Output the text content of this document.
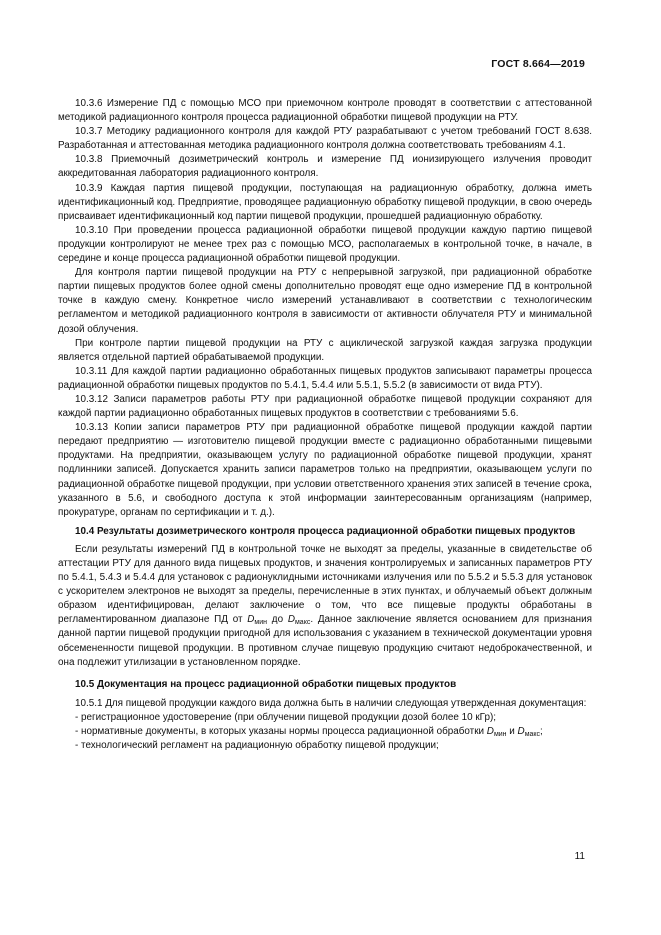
ГОСТ 8.664—2019

10.3.6 Измерение ПД с помощью МСО при приемочном контроле проводят в соответствии с аттестованной методикой радиационного контроля процесса радиационной обработки пищевой продукции на РТУ.

10.3.7 Методику радиационного контроля для каждой РТУ разрабатывают с учетом требований ГОСТ 8.638. Разработанная и аттестованная методика радиационного контроля должна соответствовать требованиям 4.1.

10.3.8 Приемочный дозиметрический контроль и измерение ПД ионизирующего излучения проводит аккредитованная лаборатория радиационного контроля.

10.3.9 Каждая партия пищевой продукции, поступающая на радиационную обработку, должна иметь идентификационный код. Предприятие, проводящее радиационную обработку пищевой продукции, в свою очередь присваивает идентификационный код партии пищевой продукции, прошедшей радиационную обработку.

10.3.10 При проведении процесса радиационной обработки пищевой продукции каждую партию пищевой продукции контролируют не менее трех раз с помощью МСО, располагаемых в контрольной точке, в начале, в середине и конце процесса радиационной обработки пищевой продукции.

Для контроля партии пищевой продукции на РТУ с непрерывной загрузкой, при радиационной обработке партии пищевых продуктов более одной смены дополнительно проводят еще одно измерение ПД в контрольной точке в каждую смену. Конкретное число измерений устанавливают в соответствии с технологическим регламентом и методикой радиационного контроля в зависимости от активности облучателя РТУ и минимальной дозой облучения.

При контроле партии пищевой продукции на РТУ с ациклической загрузкой каждая загрузка продукции является отдельной партией обрабатываемой продукции.

10.3.11 Для каждой партии радиационно обработанных пищевых продуктов записывают параметры процесса радиационной обработки пищевых продуктов по 5.4.1, 5.4.4 или 5.5.1, 5.5.2 (в зависимости от вида РТУ).

10.3.12 Записи параметров работы РТУ при радиационной обработке пищевой продукции сохраняют для каждой партии радиационно обработанных пищевых продуктов в соответствии с требованиями 5.6.

10.3.13 Копии записи параметров РТУ при радиационной обработке пищевой продукции каждой партии передают предприятию — изготовителю пищевой продукции вместе с радиационно обработанными пищевыми продуктами. На предприятии, оказывающем услугу по радиационной обработке пищевой продукции, хранят подлинники записей. Допускается хранить записи параметров только на предприятии, оказывающем услуги по радиационной обработке пищевой продукции, при условии ответственного хранения этих записей в течение срока, указанного в 5.6, и свободного доступа к этой информации заинтересованным организациям (например, прокуратуре, органам по сертификации и т. д.).

10.4 Результаты дозиметрического контроля процесса радиационной обработки пищевых продуктов

Если результаты измерений ПД в контрольной точке не выходят за пределы, указанные в свидетельстве об аттестации РТУ для данного вида пищевых продуктов, и значения контролируемых и записанных параметров РТУ по 5.4.1, 5.4.3 и 5.4.4 для установок с радионуклидными источниками излучения или по 5.5.2 и 5.5.3 для установок с ускорителем электронов не выходят за пределы, перечисленные в этих пунктах, и облучаемый объект должным образом идентифицирован, делают заключение о том, что все пищевые продукты обработаны в регламентированном диапазоне ПД от $D_{мин}$ до $D_{макс}$. Данное заключение является основанием для признания данной партии пищевой продукции пригодной для использования с указанием в технической документации уровня обсемененности пищевой продукции. В противном случае пищевую продукцию считают недоброкачественной, и она подлежит утилизации в установленном порядке.

10.5 Документация на процесс радиационной обработки пищевых продуктов

10.5.1 Для пищевой продукции каждого вида должна быть в наличии следующая утвержденная документация:

- регистрационное удостоверение (при облучении пищевой продукции дозой более 10 кГр);

- нормативные документы, в которых указаны нормы процесса радиационной обработки $D_{мин}$ и $D_{макс}$;

- технологический регламент на радиационную обработку пищевой продукции;

11
